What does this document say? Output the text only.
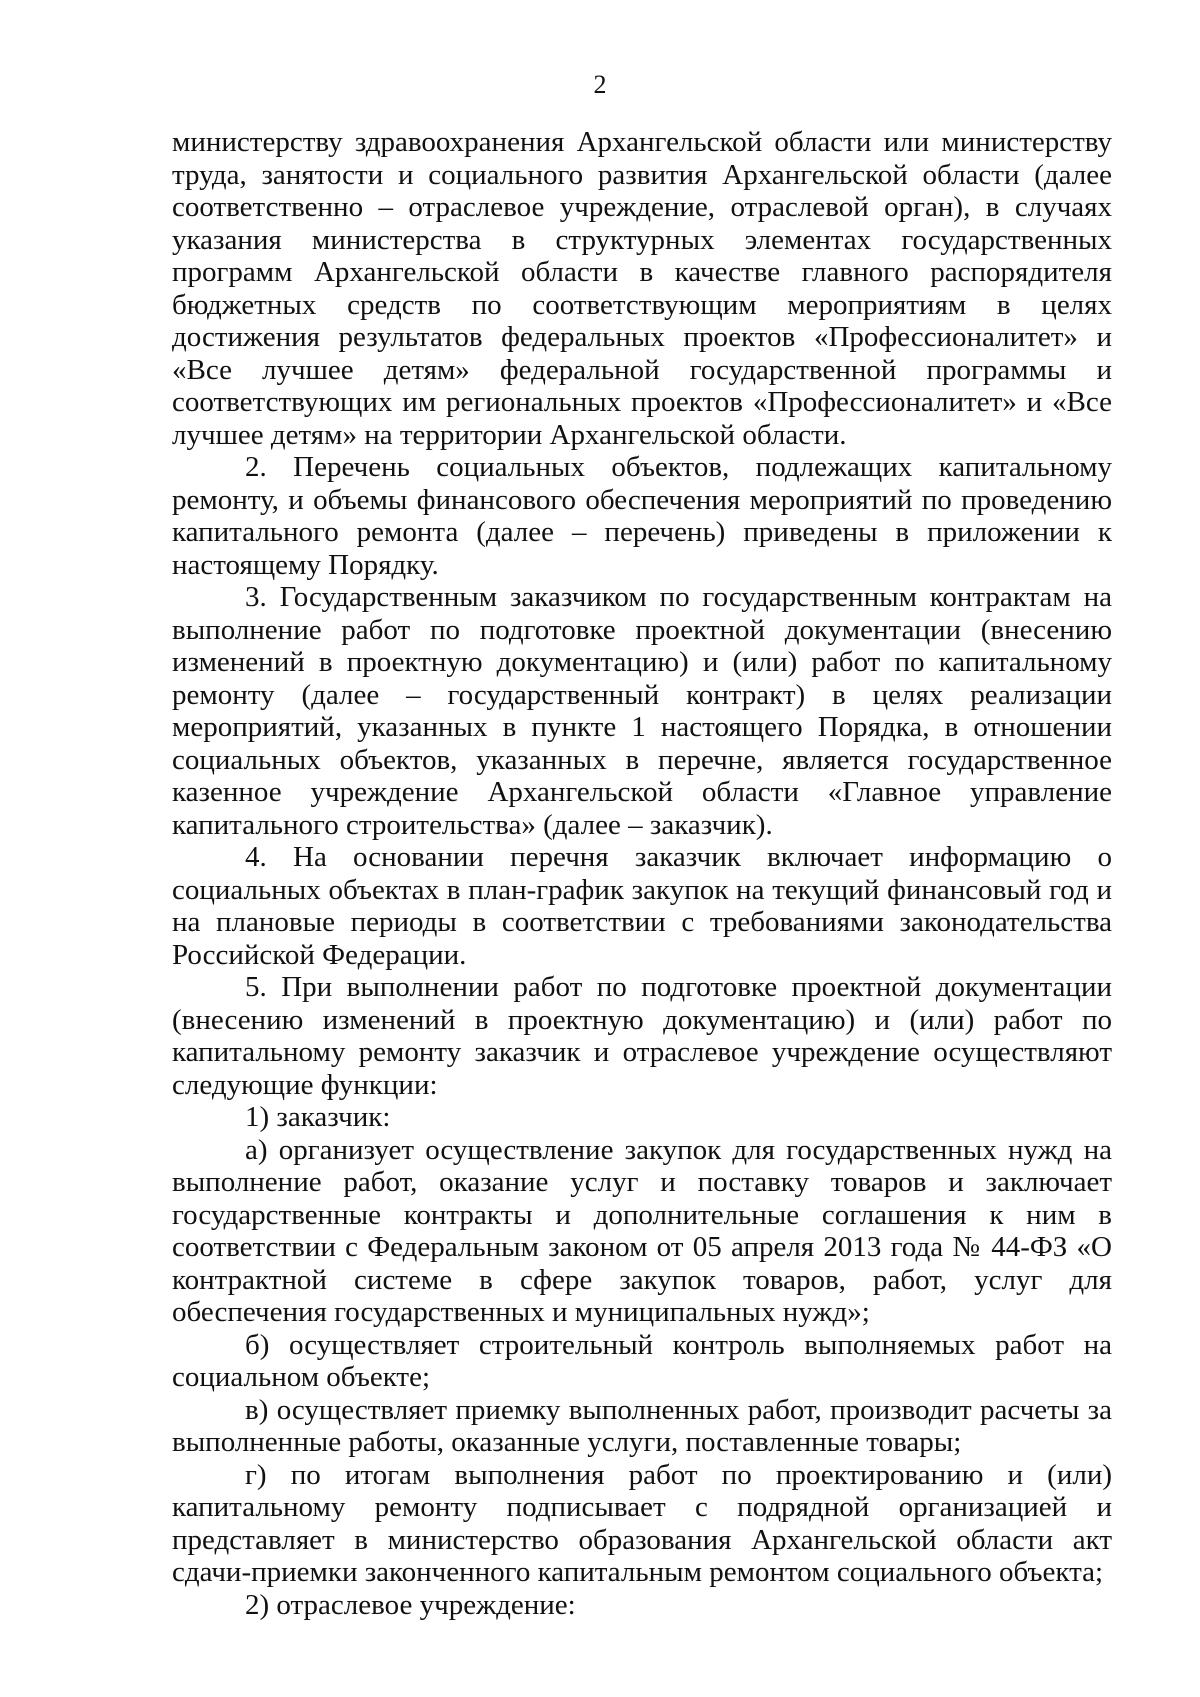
2

министерству здравоохранения Архангельской области или министерству труда, занятости и социального развития Архангельской области (далее соответственно – отраслевое учреждение, отраслевой орган), в случаях указания министерства в структурных элементах государственных программ Архангельской области в качестве главного распорядителя бюджетных средств по соответствующим мероприятиям в целях достижения результатов федеральных проектов «Профессионалитет» и «Все лучшее детям» федеральной государственной программы и соответствующих им региональных проектов «Профессионалитет» и «Все лучшее детям» на территории Архангельской области.

2. Перечень социальных объектов, подлежащих капитальному ремонту, и объемы финансового обеспечения мероприятий по проведению капитального ремонта (далее – перечень) приведены в приложении к настоящему Порядку.

3. Государственным заказчиком по государственным контрактам на выполнение работ по подготовке проектной документации (внесению изменений в проектную документацию) и (или) работ по капитальному ремонту (далее – государственный контракт) в целях реализации мероприятий, указанных в пункте 1 настоящего Порядка, в отношении социальных объектов, указанных в перечне, является государственное казенное учреждение Архангельской области «Главное управление капитального строительства» (далее – заказчик).

4. На основании перечня заказчик включает информацию о социальных объектах в план-график закупок на текущий финансовый год и на плановые периоды в соответствии с требованиями законодательства Российской Федерации.

5. При выполнении работ по подготовке проектной документации (внесению изменений в проектную документацию) и (или) работ по капитальному ремонту заказчик и отраслевое учреждение осуществляют следующие функции:

1) заказчик:

а) организует осуществление закупок для государственных нужд на выполнение работ, оказание услуг и поставку товаров и заключает государственные контракты и дополнительные соглашения к ним в соответствии с Федеральным законом от 05 апреля 2013 года № 44-ФЗ «О контрактной системе в сфере закупок товаров, работ, услуг для обеспечения государственных и муниципальных нужд»;

б) осуществляет строительный контроль выполняемых работ на социальном объекте;

в) осуществляет приемку выполненных работ, производит расчеты за выполненные работы, оказанные услуги, поставленные товары;

г) по итогам выполнения работ по проектированию и (или) капитальному ремонту подписывает с подрядной организацией и представляет в министерство образования Архангельской области акт сдачи-приемки законченного капитальным ремонтом социального объекта;

2) отраслевое учреждение:
